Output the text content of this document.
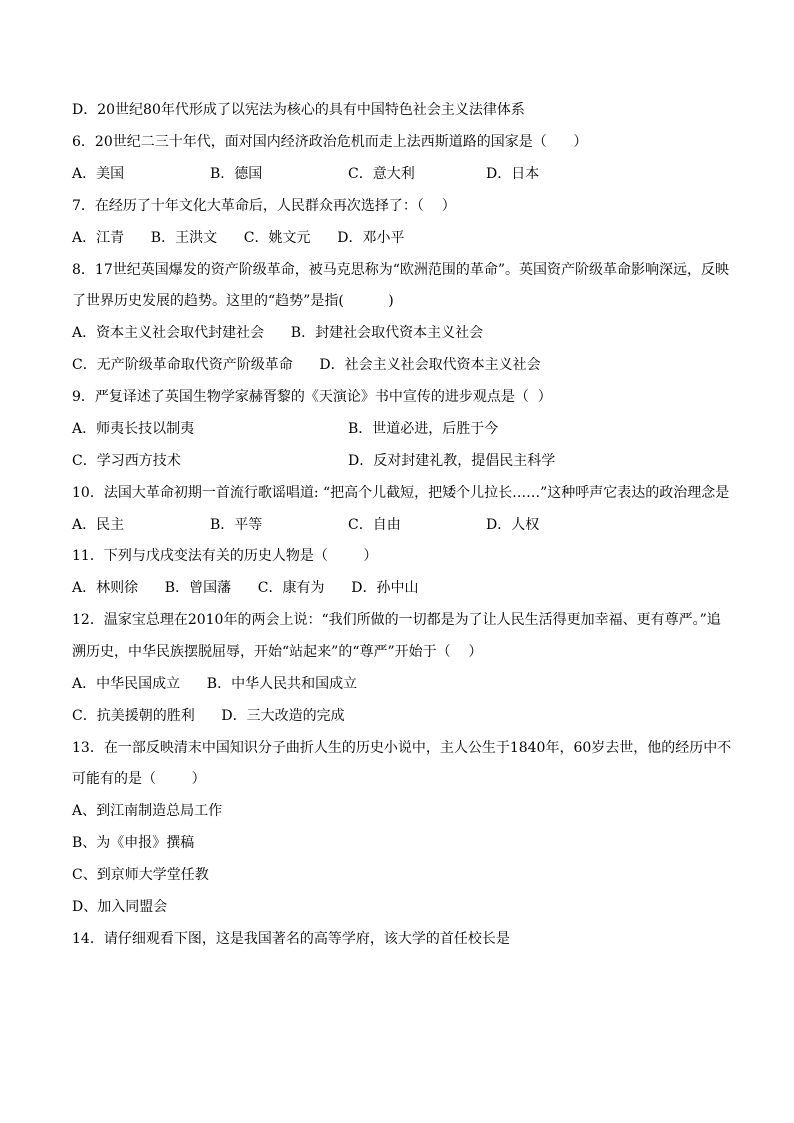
D．20世纪80年代形成了以宪法为核心的具有中国特色社会主义法律体系
6．20世纪二三十年代，面对国内经济政治危机而走上法西斯道路的国家是（      ）
A．美国	B．德国	C．意大利	D．日本
7．在经历了十年文化大革命后，人民群众再次选择了：（    ）
A．江青      B．王洪文      C．姚文元      D．邓小平
8．17世纪英国爆发的资产阶级革命，被马克思称为“欧洲范围的革命”。英国资产阶级革命影响深远，反映
了世界历史发展的趋势。这里的“趋势”是指(          )
A．资本主义社会取代封建社会      B．封建社会取代资本主义社会
C．无产阶级革命取代资产阶级革命      D．社会主义社会取代资本主义社会
9．严复译述了英国生物学家赫胥黎的《天演论》书中宣传的进步观点是（  ）
A．师夷长技以制夷	B．世道必进，后胜于今
C．学习西方技术	D．反对封建礼教，提倡民主科学
10．法国大革命初期一首流行歌谣唱道: “把高个儿截短，把矮个儿拉长……”这种呼声它表达的政治理念是
A．民主	B．平等	C．自由	D．人权
11．下列与戊戌变法有关的历史人物是（        ）
A．林则徐      B．曾国藩      C．康有为      D．孙中山
12．温家宝总理在2010年的两会上说：“我们所做的一切都是为了让人民生活得更加幸福、更有尊严。”追
溯历史，中华民族摆脱屈辱，开始“站起来”的“尊严”开始于（    ）
A．中华民国成立      B．中华人民共和国成立
C．抗美援朝的胜利      D．三大改造的完成
13．在一部反映清末中国知识分子曲折人生的历史小说中，主人公生于1840年，60岁去世，他的经历中不
可能有的是（        ）
A、到江南制造总局工作
B、为《申报》撰稿
C、到京师大学堂任教
D、加入同盟会
14．请仔细观看下图，这是我国著名的高等学府，该大学的首任校长是
